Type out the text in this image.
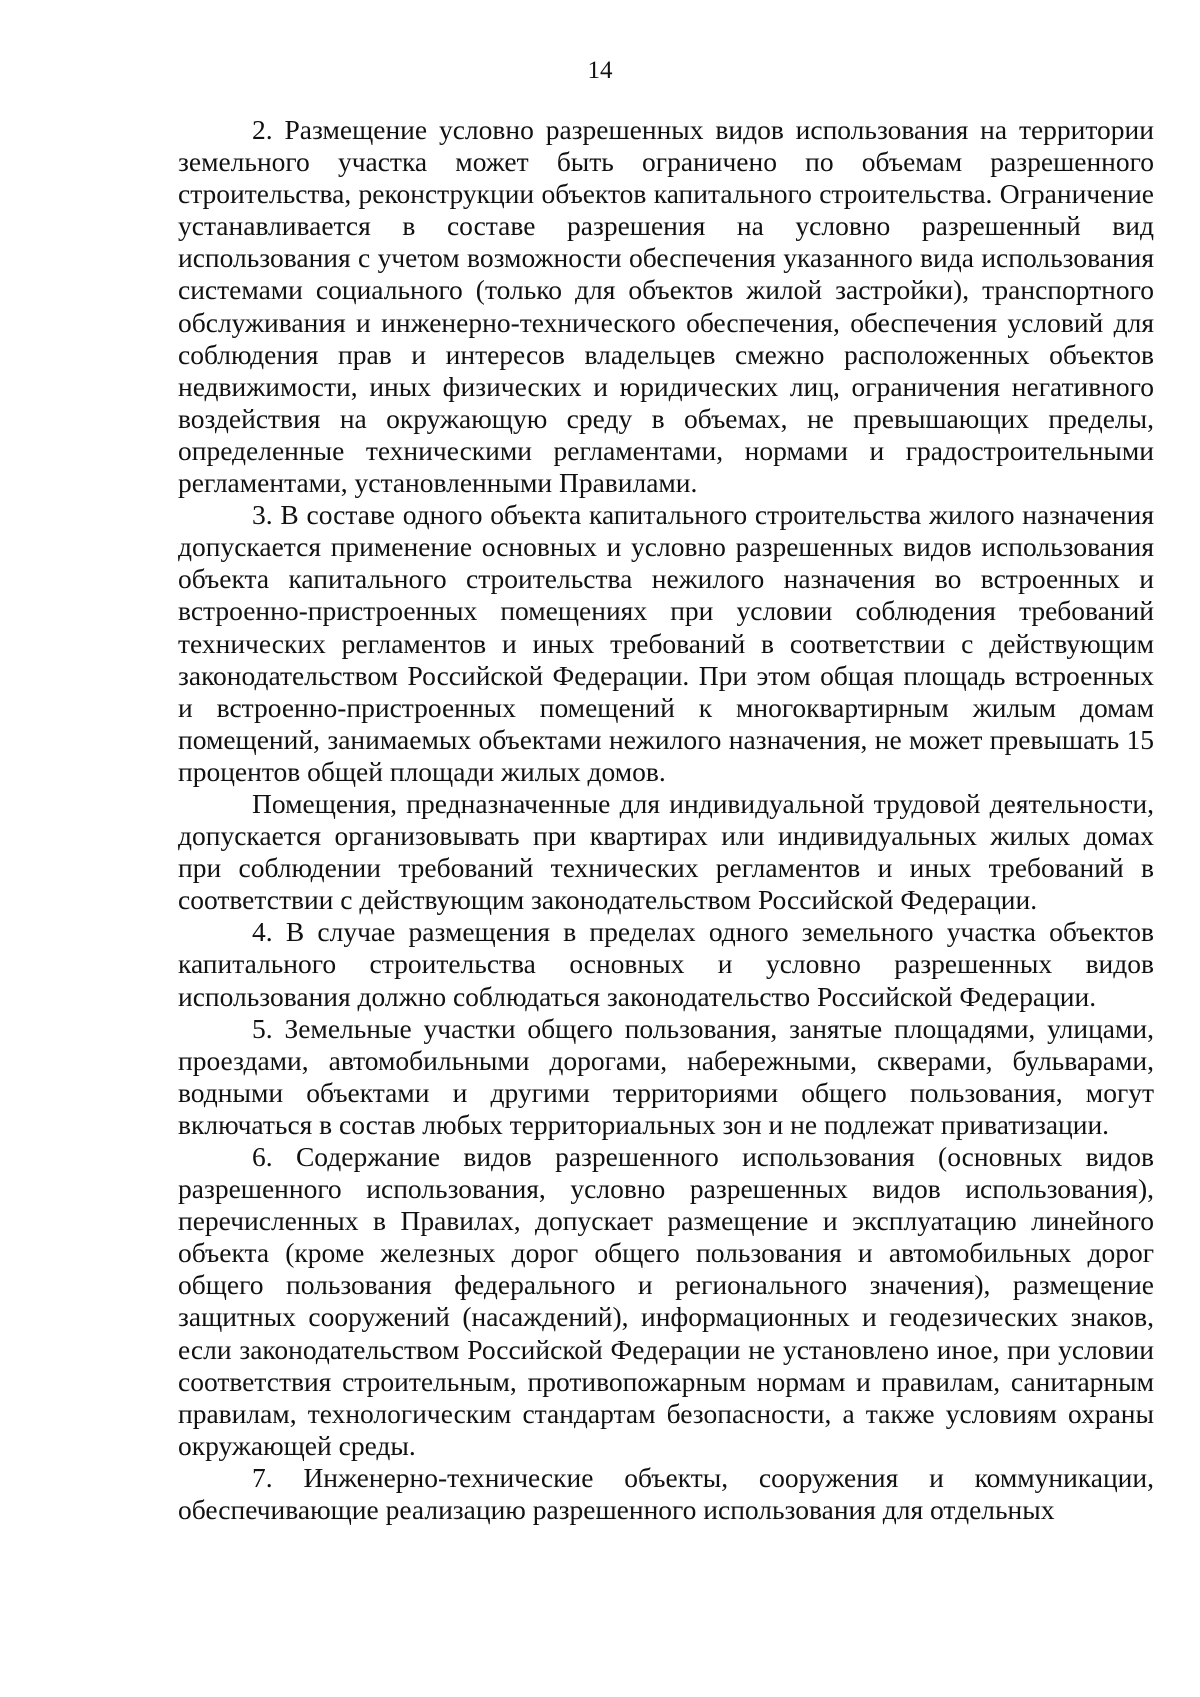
14

2. Размещение условно разрешенных видов использования на территории земельного участка может быть ограничено по объемам разрешенного строительства, реконструкции объектов капитального строительства. Ограничение устанавливается в составе разрешения на условно разрешенный вид использования с учетом возможности обеспечения указанного вида использования системами социального (только для объектов жилой застройки), транспортного обслуживания и инженерно-технического обеспечения, обеспечения условий для соблюдения прав и интересов владельцев смежно расположенных объектов недвижимости, иных физических и юридических лиц, ограничения негативного воздействия на окружающую среду в объемах, не превышающих пределы, определенные техническими регламентами, нормами и градостроительными регламентами, установленными Правилами.

3. В составе одного объекта капитального строительства жилого назначения допускается применение основных и условно разрешенных видов использования объекта капитального строительства нежилого назначения во встроенных и встроенно-пристроенных помещениях при условии соблюдения требований технических регламентов и иных требований в соответствии с действующим законодательством Российской Федерации. При этом общая площадь встроенных и встроенно-пристроенных помещений к многоквартирным жилым домам помещений, занимаемых объектами нежилого назначения, не может превышать 15 процентов общей площади жилых домов.

Помещения, предназначенные для индивидуальной трудовой деятельности, допускается организовывать при квартирах или индивидуальных жилых домах при соблюдении требований технических регламентов и иных требований в соответствии с действующим законодательством Российской Федерации.

4. В случае размещения в пределах одного земельного участка объектов капитального строительства основных и условно разрешенных видов использования должно соблюдаться законодательство Российской Федерации.

5. Земельные участки общего пользования, занятые площадями, улицами, проездами, автомобильными дорогами, набережными, скверами, бульварами, водными объектами и другими территориями общего пользования, могут включаться в состав любых территориальных зон и не подлежат приватизации.

6. Содержание видов разрешенного использования (основных видов разрешенного использования, условно разрешенных видов использования), перечисленных в Правилах, допускает размещение и эксплуатацию линейного объекта (кроме железных дорог общего пользования и автомобильных дорог общего пользования федерального и регионального значения), размещение защитных сооружений (насаждений), информационных и геодезических знаков, если законодательством Российской Федерации не установлено иное, при условии соответствия строительным, противопожарным нормам и правилам, санитарным правилам, технологическим стандартам безопасности, а также условиям охраны окружающей среды.

7. Инженерно-технические объекты, сооружения и коммуникации, обеспечивающие реализацию разрешенного использования для отдельных
